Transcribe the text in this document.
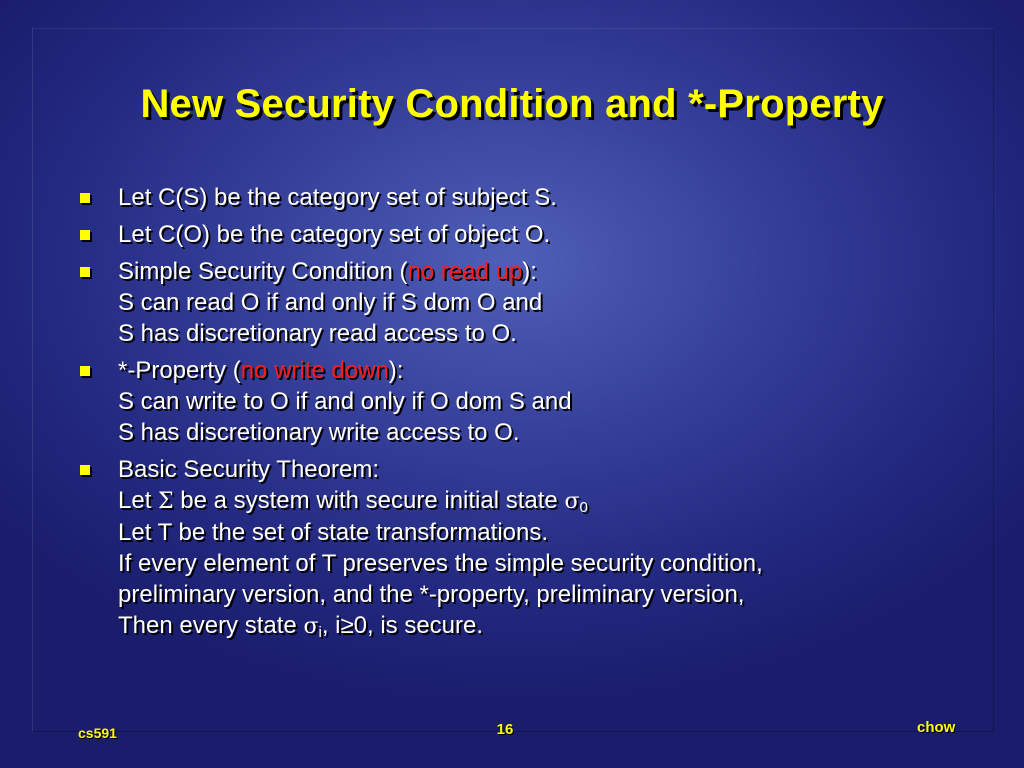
New Security Condition and *-Property
Let C(S) be the category set of subject S.
Let C(O) be the category set of object O.
Simple Security Condition (no read up):
S can read O if and only if S dom O and
S has discretionary read access to O.
*-Property (no write down):
S can write to O if and only if O dom S and
S has discretionary write access to O.
Basic Security Theorem:
Let Σ be a system with secure initial state $\sigma_0$
Let T be the set of state transformations.
If every element of T preserves the simple security condition,
preliminary version, and the *-property, preliminary version,
Then every state $\sigma_i$, i≥0, is secure.
cs591	16	chow
